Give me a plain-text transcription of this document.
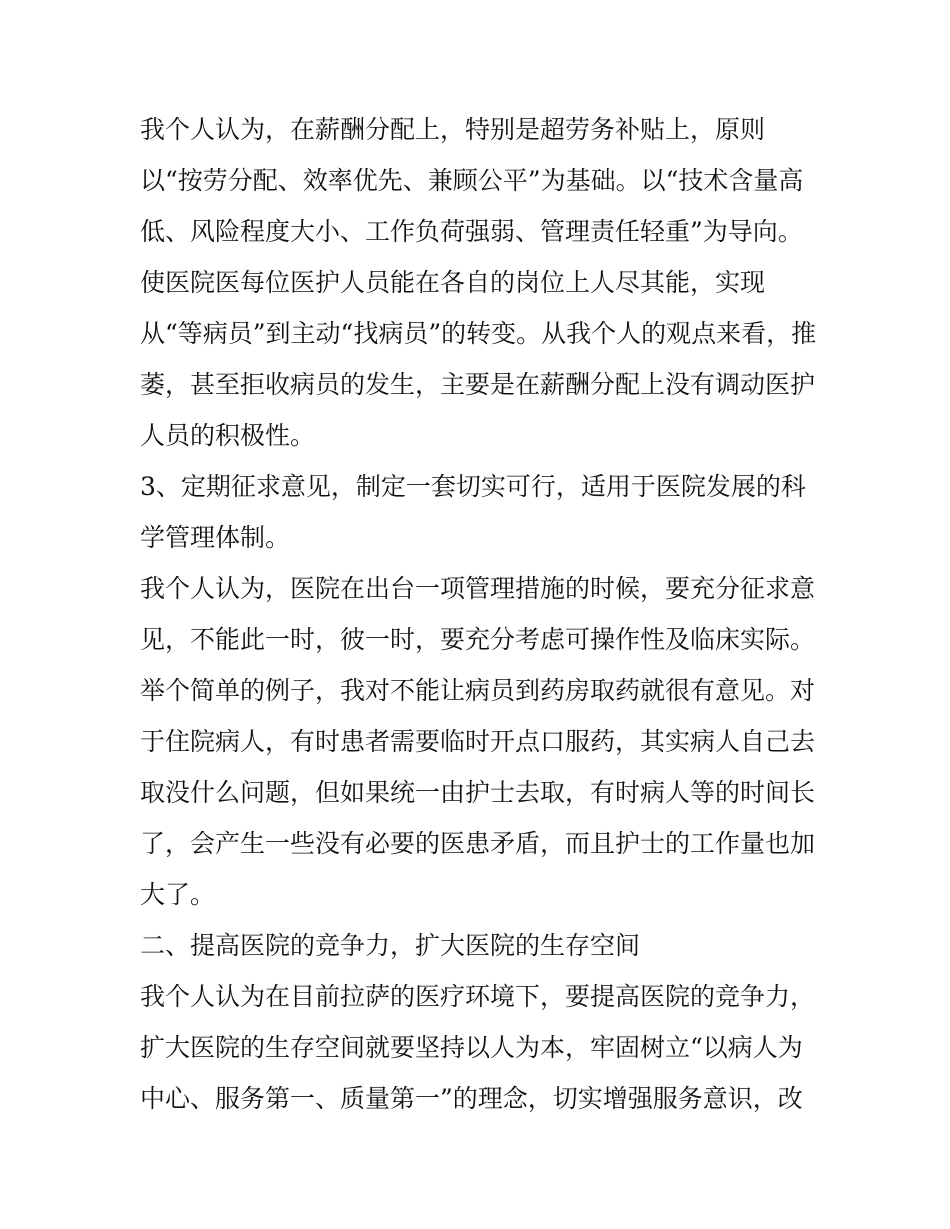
我个人认为，在薪酬分配上，特别是超劳务补贴上，原则
以“按劳分配、效率优先、兼顾公平”为基础。以“技术含量高
低、风险程度大小、工作负荷强弱、管理责任轻重”为导向。
使医院医每位医护人员能在各自的岗位上人尽其能，实现
从“等病员”到主动“找病员”的转变。从我个人的观点来看，推
萎，甚至拒收病员的发生，主要是在薪酬分配上没有调动医护
人员的积极性。
3、定期征求意见，制定一套切实可行，适用于医院发展的科
学管理体制。
我个人认为，医院在出台一项管理措施的时候，要充分征求意
见，不能此一时，彼一时，要充分考虑可操作性及临床实际。
举个简单的例子，我对不能让病员到药房取药就很有意见。对
于住院病人，有时患者需要临时开点口服药，其实病人自己去
取没什么问题，但如果统一由护士去取，有时病人等的时间长
了，会产生一些没有必要的医患矛盾，而且护士的工作量也加
大了。
二、提高医院的竞争力，扩大医院的生存空间
我个人认为在目前拉萨的医疗环境下，要提高医院的竞争力，
扩大医院的生存空间就要坚持以人为本，牢固树立“以病人为
中心、服务第一、质量第一”的理念，切实增强服务意识，改
